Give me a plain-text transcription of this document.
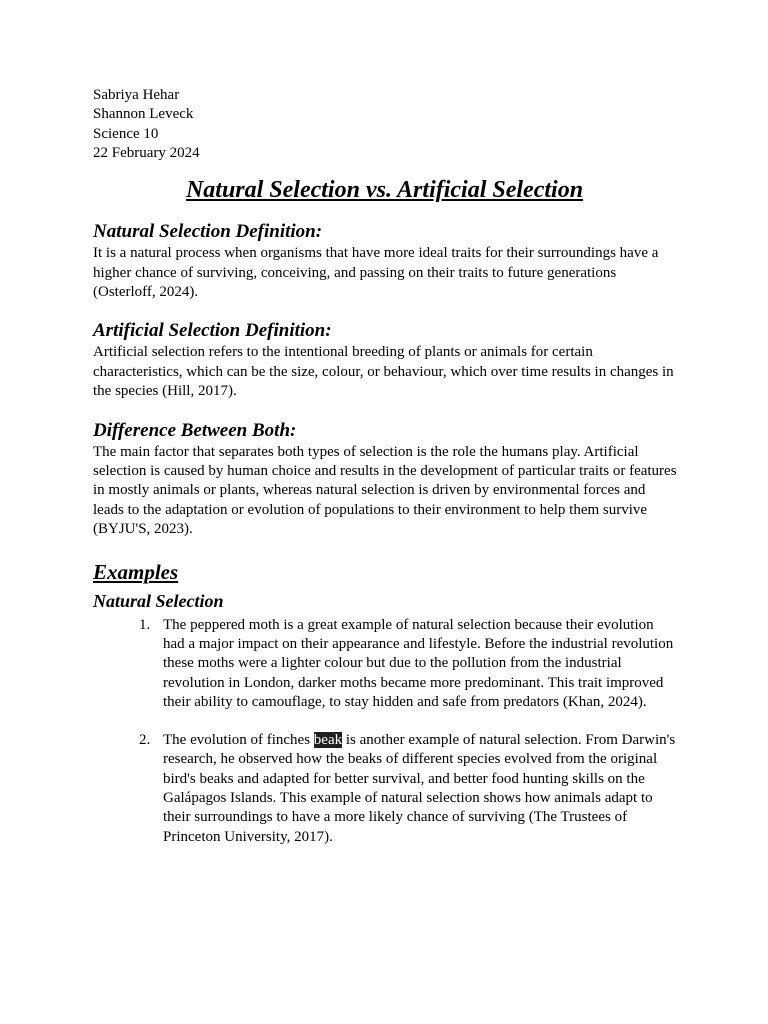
Sabriya Hehar

Shannon Leveck

Science 10

22 February 2024

Natural Selection vs. Artificial Selection
Natural Selection Definition:

It is a natural process when organisms that have more ideal traits for their surroundings have a higher chance of surviving, conceiving, and passing on their traits to future generations (Osterloff, 2024).

Artificial Selection Definition:

Artificial selection refers to the intentional breeding of plants or animals for certain characteristics, which can be the size, colour, or behaviour, which over time results in changes in the species (Hill, 2017).

Difference Between Both:

The main factor that separates both types of selection is the role the humans play. Artificial selection is caused by human choice and results in the development of particular traits or features in mostly animals or plants, whereas natural selection is driven by environmental forces and leads to the adaptation or evolution of populations to their environment to help them survive (BYJU'S, 2023).

Examples
Natural Selection
1. The peppered moth is a great example of natural selection because their evolution had a major impact on their appearance and lifestyle. Before the industrial revolution these moths were a lighter colour but due to the pollution from the industrial revolution in London, darker moths became more predominant. This trait improved their ability to camouflage, to stay hidden and safe from predators (Khan, 2024).
2. The evolution of finches beak is another example of natural selection. From Darwin's research, he observed how the beaks of different species evolved from the original bird's beaks and adapted for better survival, and better food hunting skills on the Galápagos Islands. This example of natural selection shows how animals adapt to their surroundings to have a more likely chance of surviving (The Trustees of Princeton University, 2017).
